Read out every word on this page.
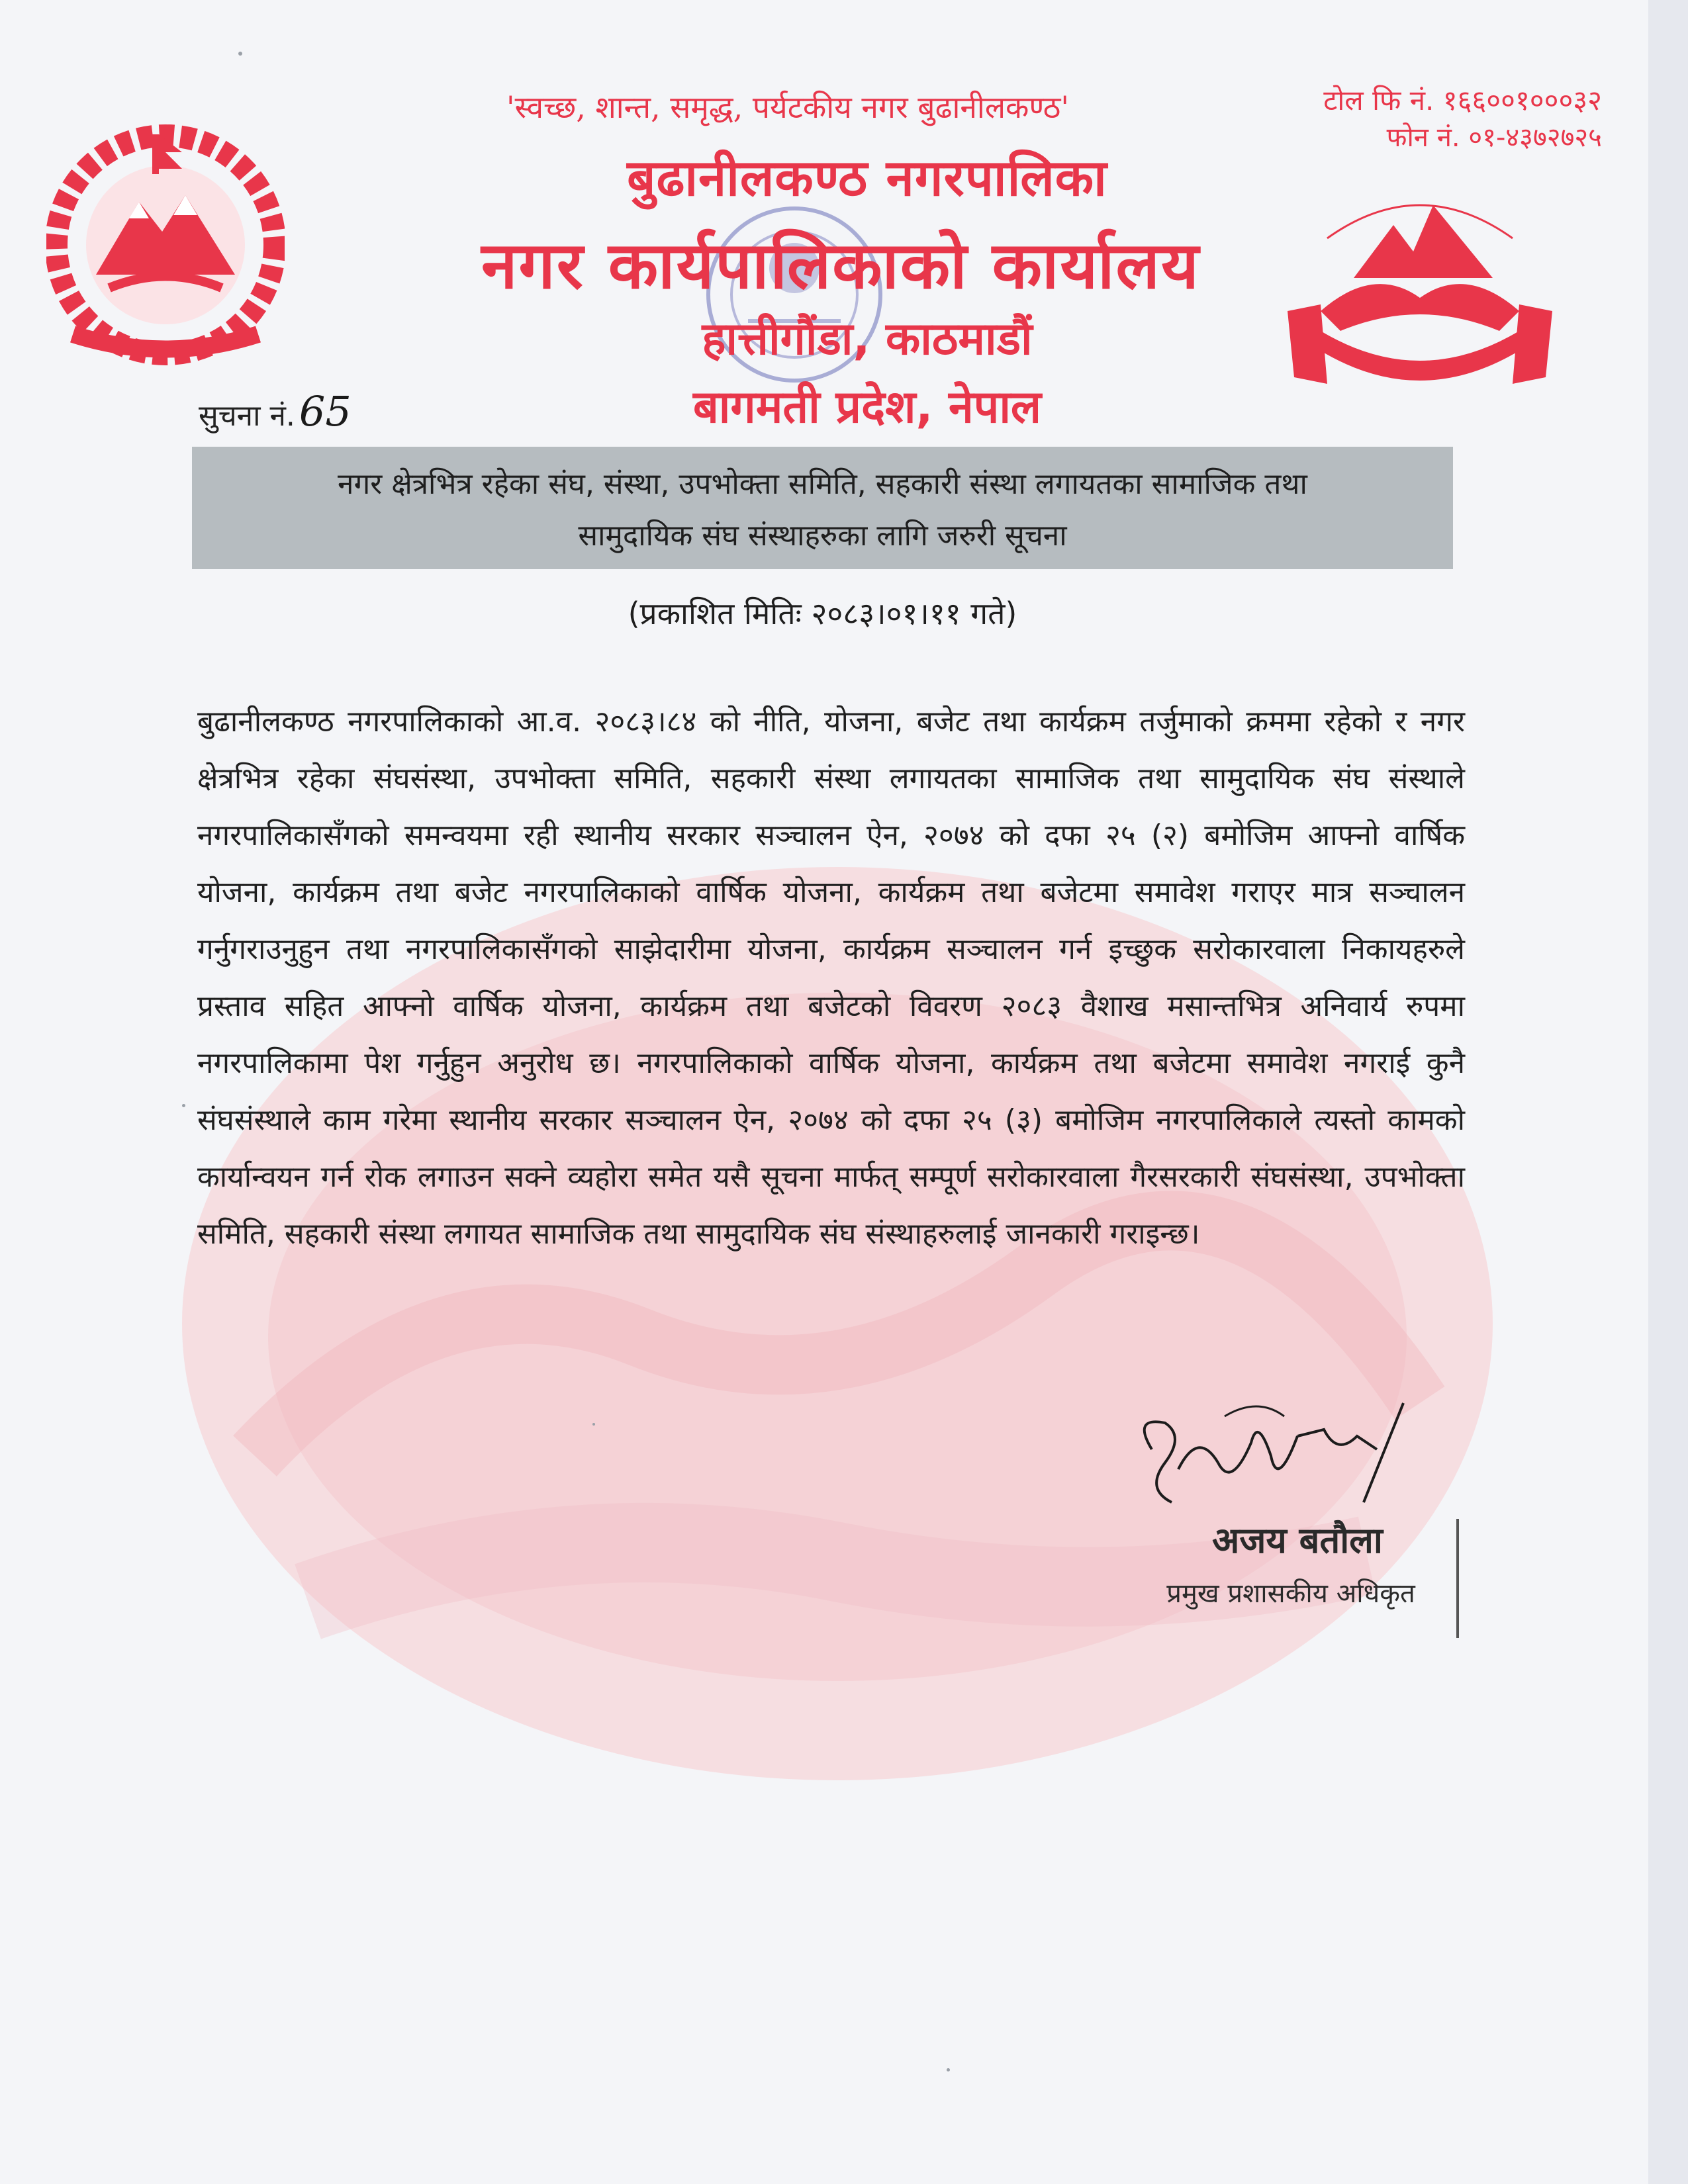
'स्वच्छ, शान्त, समृद्ध, पर्यटकीय नगर बुढानीलकण्ठ'	टोल फि नं. १६६००१०००३२
फोन नं. ०१-४३७२७२५
बुढानीलकण्ठ नगरपालिका
नगर कार्यपालिकाको कार्यालय
हात्तीगौंडा, काठमाडौं
बागमती प्रदेश, नेपाल
सुचना नं.65
नगर क्षेत्रभित्र रहेका संघ, संस्था, उपभोक्ता समिति, सहकारी संस्था लगायतका सामाजिक तथा
सामुदायिक संघ संस्थाहरुका लागि जरुरी सूचना
(प्रकाशित मितिः २०८३।०१।११ गते)
बुढानीलकण्ठ नगरपालिकाको आ.व. २०८३।८४ को नीति, योजना, बजेट तथा कार्यक्रम तर्जुमाको क्रममा रहेको र नगर क्षेत्रभित्र रहेका संघसंस्था, उपभोक्ता समिति, सहकारी संस्था लगायतका सामाजिक तथा सामुदायिक संघ संस्थाले नगरपालिकासँगको समन्वयमा रही स्थानीय सरकार सञ्चालन ऐन, २०७४ को दफा २५ (२) बमोजिम आफ्नो वार्षिक योजना, कार्यक्रम तथा बजेट नगरपालिकाको वार्षिक योजना, कार्यक्रम तथा बजेटमा समावेश गराएर मात्र सञ्चालन गर्नुगराउनुहुन तथा नगरपालिकासँगको साझेदारीमा योजना, कार्यक्रम सञ्चालन गर्न इच्छुक सरोकारवाला निकायहरुले प्रस्ताव सहित आफ्नो वार्षिक योजना, कार्यक्रम तथा बजेटको विवरण २०८३ वैशाख मसान्तभित्र अनिवार्य रुपमा नगरपालिकामा पेश गर्नुहुन अनुरोध छ। नगरपालिकाको वार्षिक योजना, कार्यक्रम तथा बजेटमा समावेश नगराई कुनै संघसंस्थाले काम गरेमा स्थानीय सरकार सञ्चालन ऐन, २०७४ को दफा २५ (३) बमोजिम नगरपालिकाले त्यस्तो कामको कार्यान्वयन गर्न रोक लगाउन सक्ने व्यहोरा समेत यसै सूचना मार्फत् सम्पूर्ण सरोकारवाला गैरसरकारी संघसंस्था, उपभोक्ता समिति, सहकारी संस्था लगायत सामाजिक तथा सामुदायिक संघ संस्थाहरुलाई जानकारी गराइन्छ।
अजय बतौला
प्रमुख प्रशासकीय अधिकृत
